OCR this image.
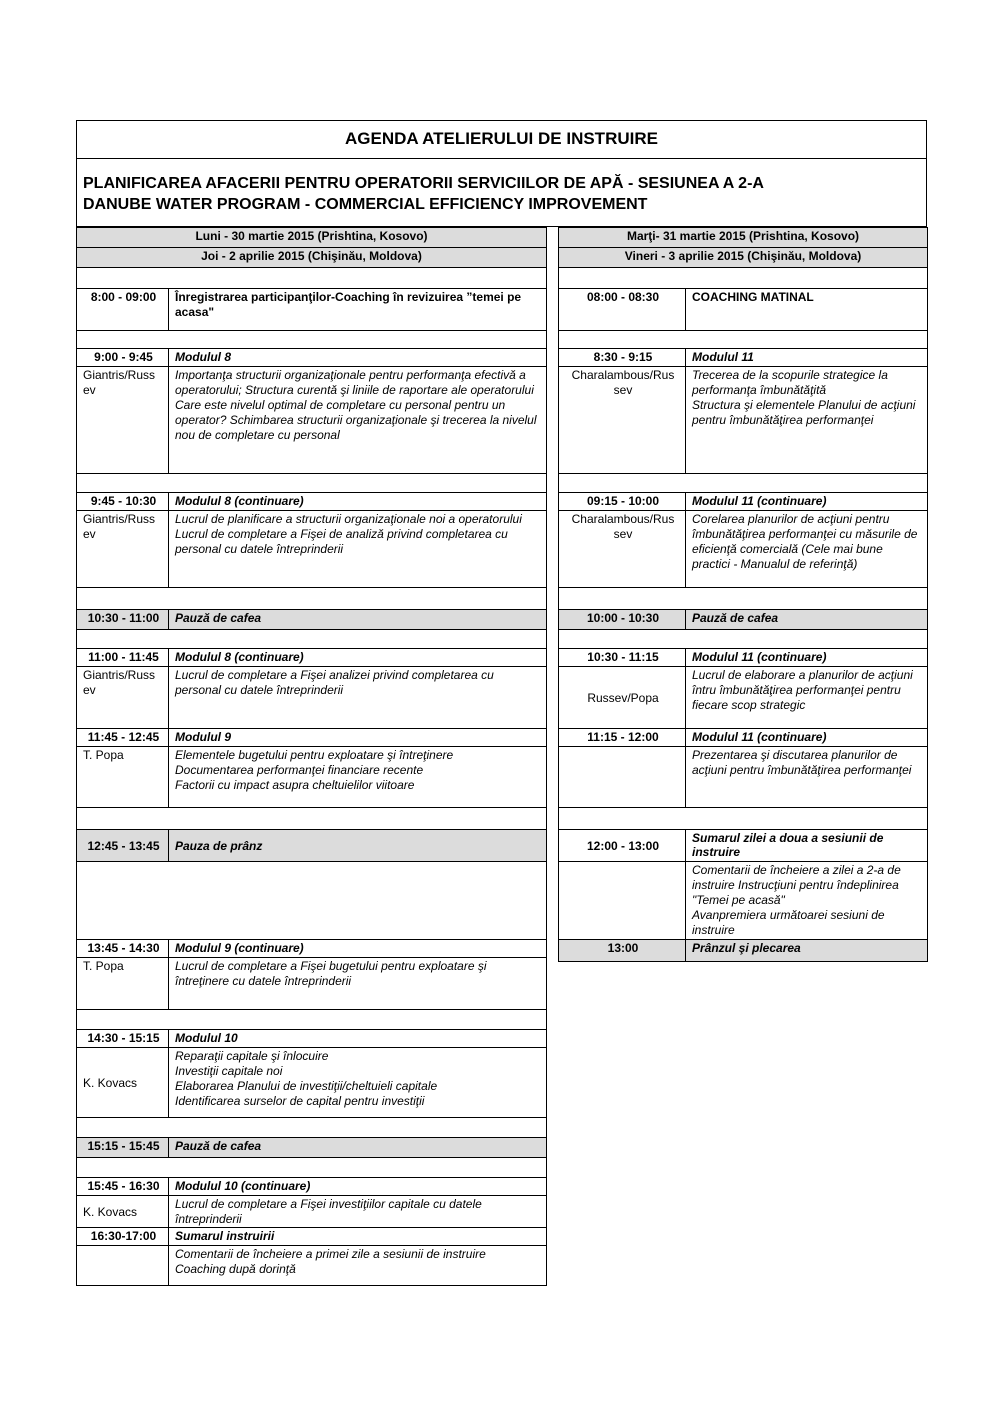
AGENDA ATELIERULUI DE INSTRUIRE
PLANIFICAREA AFACERII PENTRU OPERATORII SERVICIILOR DE APĂ - SESIUNEA A 2-A
DANUBE WATER PROGRAM - COMMERCIAL EFFICIENCY IMPROVEMENT
Luni - 30 martie 2015 (Prishtina, Kosovo)	
Joi - 2 aprilie 2015 (Chişinău, Moldova)	

8:00 - 09:00	Înregistrarea participanţilor-Coaching în revizuirea ”temei pe acasa"

9:00 - 9:45	Modulul 8
Giantris/Russ ev	Importanţa structurii organizaţionale pentru performanţa efectivă a operatorului; Structura curentă şi liniile de raportare ale operatorului Care este nivelul optimal de completare cu personal pentru un operator? Schimbarea structurii organizaţionale şi trecerea la nivelul nou de completare cu personal

9:45 - 10:30	Modulul 8 (continuare)
Giantris/Russ ev	Lucrul de planificare a structurii organizaţionale noi a operatorului Lucrul de completare a Fişei de analiză privind completarea cu personal cu datele întreprinderii

10:30 - 11:00	Pauză de cafea

11:00 - 11:45	Modulul 8 (continuare)
Giantris/Russ ev	Lucrul de completare a Fişei analizei privind completarea cu personal cu datele întreprinderii
11:45 - 12:45	Modulul 9
T. Popa	Elementele bugetului pentru exploatare şi întreţinere
Documentarea performanţei financiare recente
Factorii cu impact asupra cheltuielilor viitoare

12:45 - 13:45	Pauza de prânz

13:45 - 14:30	Modulul 9 (continuare)
T. Popa	Lucrul de completare a Fişei bugetului pentru exploatare şi întreţinere cu datele întreprinderii

14:30 - 15:15	Modulul 10
K. Kovacs	Reparaţii capitale şi înlocuire
Investiţii capitale noi
Elaborarea Planului de investiţii/cheltuieli capitale
Identificarea surselor de capital pentru investiţii

15:15 - 15:45	Pauză de cafea

15:45 - 16:30	Modulul 10 (continuare)
K. Kovacs	Lucrul de completare a Fişei investiţiilor capitale cu datele întreprinderii
16:30-17:00	Sumarul instruirii

	Comentarii de încheiere a primei zile a sesiunii de instruire
Coaching după dorinţă
Marţi- 31 martie 2015 (Prishtina, Kosovo)	
Vineri - 3 aprilie 2015 (Chişinău, Moldova)	

08:00 - 08:30	COACHING MATINAL

8:30 - 9:15	Modulul 11
Charalambous/Rus sev	Trecerea de la scopurile strategice la performanţa îmbunătăţită
Structura şi elementele Planului de acţiuni pentru îmbunătăţirea performanţei

09:15 - 10:00	Modulul 11 (continuare)
Charalambous/Rus sev	Corelarea planurilor de acţiuni pentru îmbunătăţirea performanţei cu măsurile de eficienţă comercială (Cele mai bune practici - Manualul de referinţă)

10:00 - 10:30	Pauză de cafea

10:30 - 11:15	Modulul 11 (continuare)
Russev/Popa	Lucrul de elaborare a planurilor de acţiuni întru îmbunătăţirea performanţei pentru fiecare scop strategic
11:15 - 12:00	Modulul 11 (continuare)
	Prezentarea şi discutarea planurilor de acţiuni pentru îmbunătăţirea performanţei

12:00 - 13:00	Sumarul zilei a doua a sesiunii de instruire

	Comentarii de încheiere a zilei a 2-a de instruire Instrucţiuni pentru îndeplinirea "Temei pe acasă"
Avanpremiera următoarei sesiuni de instruire

13:00	Prânzul şi plecarea
